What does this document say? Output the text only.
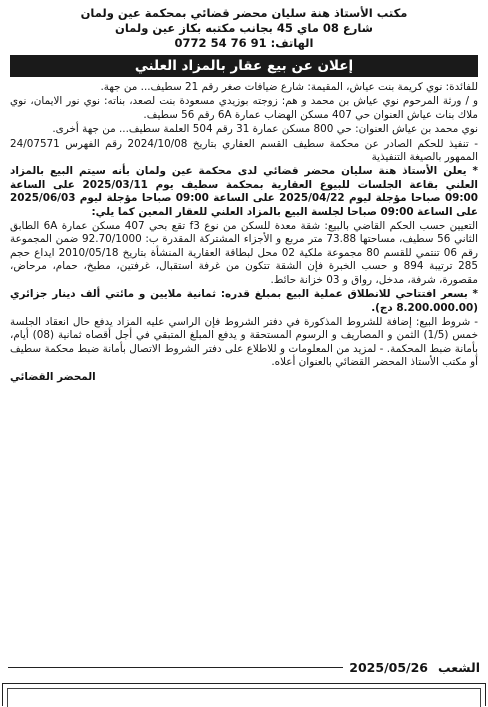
مكتب الأستاذ هنة سليان محضر قضائي بمحكمة عين ولمان
شارع 08 ماي 45 بجانب مكتبه بكاز عين ولمان
الهاتف: 91 76 54 0772
إعلان عن بيع عقار بالمزاد العلني

للفائدة: نوي كريمة بنت عياش، المقيمة: شارع ضيافات صغر رقم 21 سطيف... من جهة.

و / ورثة المرحوم نوي عياش بن محمد و هم: زوجته بوزيدي مسعودة بنت لصعد، بناته: نوي نور الايمان، نوي ملاك بنات عياش العنوان حي 407 مسكن الهضاب عمارة 6A رقم 56 سطيف.

نوي محمد بن عياش العنوان: حي 800 مسكن عمارة 31 رقم 504 العلمة سطيف... من جهة أخرى.

- تنفيذ للحكم الصادر عن محكمة سطيف القسم العقاري بتاريخ 2024/10/08 رقم الفهرس 24/07571 الممهور بالصيغة التنفيذية

* يعلن الأستاذ هنة سليان محضر قضائي لدى محكمة عين ولمان بأنه سيتم البيع بالمزاد العلني بقاعة الجلسات للبيوع العقارية بمحكمة سطيف يوم 2025/03/11 على الساعة 09:00 صباحا مؤجلة ليوم 2025/04/22 على الساعة 09:00 صباحا مؤجلة ليوم 2025/06/03 على الساعة 09:00 صباحا لجلسة البيع بالمزاد العلني للعقار المعين كما يلي:

التعيين حسب الحكم القاضي بالبيع: شقة معدة للسكن من نوع f3 تقع بحي 407 مسكن عمارة 6A الطابق الثاني 56 سطيف، مساحتها 73.88 متر مربع و الأجزاء المشتركة المقدرة ب: 92.70/1000 ضمن المجموعة رقم 06 تنتمي للقسم 80 مجموعة ملكية 02 محل لبطاقة العقارية المنشأة بتاريخ 2010/05/18 ايداع حجم 285 ترتيبة 894 و حسب الخبرة فإن الشقة تتكون من غرفة استقبال، غرفتين، مطبخ، حمام، مرحاض، مقصورة، شرفة، مدخل، رواق و 03 خزانة حائط.

* بسعر افتتاحي للانطلاق عملية البيع بمبلغ قدره: ثمانية ملايين و مائتي ألف دينار جزائري (8.200.000.00 دج).

- شروط البيع: إضافة للشروط المذكورة في دفتر الشروط فإن الراسي عليه المزاد يدفع حال انعقاد الجلسة خمس (1/5) الثمن و المصاريف و الرسوم المستحقة و يدفع المبلغ المتبقي في أجل أقصاه ثمانية (08) أيام، بأمانة ضبط المحكمة. - لمزيد من المعلومات و للاطلاع على دفتر الشروط الاتصال بأمانة ضبط محكمة سطيف أو مكتب الأستاذ المحضر القضائي بالعنوان أعلاه.

المحضر القضائي
الشعب
2025/05/26
